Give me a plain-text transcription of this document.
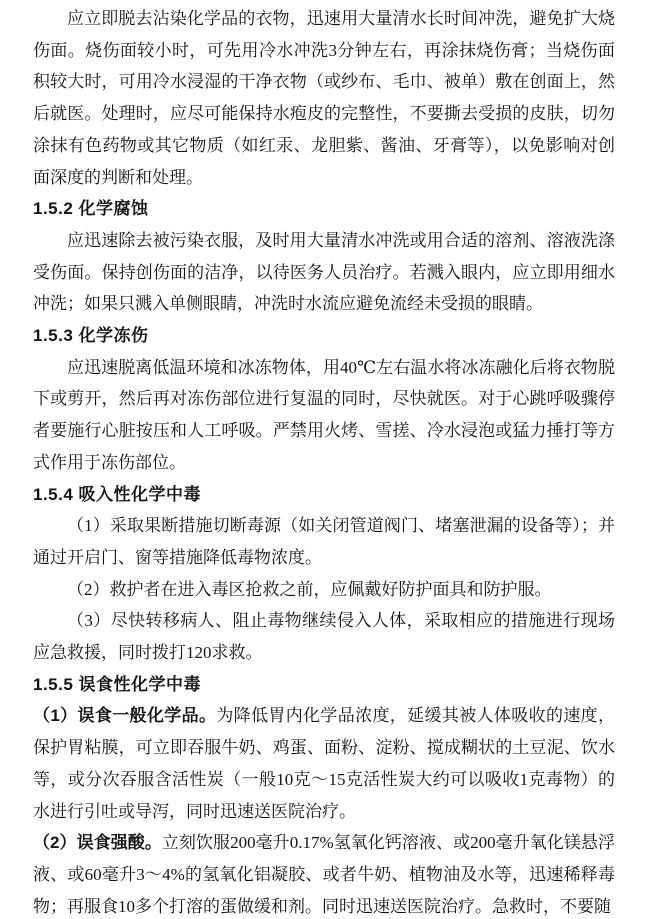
应立即脱去沾染化学品的衣物，迅速用大量清水长时间冲洗，避免扩大烧伤面。烧伤面较小时，可先用冷水冲洗3分钟左右，再涂抹烧伤膏；当烧伤面积较大时，可用冷水浸湿的干净衣物（或纱布、毛巾、被单）敷在创面上，然后就医。处理时，应尽可能保持水疱皮的完整性，不要撕去受损的皮肤，切勿涂抹有色药物或其它物质（如红汞、龙胆紫、酱油、牙膏等），以免影响对创面深度的判断和处理。
1.5.2 化学腐蚀
应迅速除去被污染衣服，及时用大量清水冲洗或用合适的溶剂、溶液洗涤受伤面。保持创伤面的洁净，以待医务人员治疗。若溅入眼内，应立即用细水冲洗；如果只溅入单侧眼睛，冲洗时水流应避免流经未受损的眼睛。
1.5.3 化学冻伤
应迅速脱离低温环境和冰冻物体，用40℃左右温水将冰冻融化后将衣物脱下或剪开，然后再对冻伤部位进行复温的同时，尽快就医。对于心跳呼吸骤停者要施行心脏按压和人工呼吸。严禁用火烤、雪搓、冷水浸泡或猛力捶打等方式作用于冻伤部位。
1.5.4 吸入性化学中毒
（1）采取果断措施切断毒源（如关闭管道阀门、堵塞泄漏的设备等）；并通过开启门、窗等措施降低毒物浓度。
（2）救护者在进入毒区抢救之前，应佩戴好防护面具和防护服。
（3）尽快转移病人、阻止毒物继续侵入人体，采取相应的措施进行现场应急救援，同时拨打120求救。
1.5.5 误食性化学中毒
（1）误食一般化学品。为降低胃内化学品浓度，延缓其被人体吸收的速度，保护胃粘膜，可立即吞服牛奶、鸡蛋、面粉、淀粉、搅成糊状的土豆泥、饮水等，或分次吞服含活性炭（一般10克～15克活性炭大约可以吸收1克毒物）的水进行引吐或导泻，同时迅速送医院治疗。
（2）误食强酸。立刻饮服200毫升0.17%氢氧化钙溶液、或200毫升氧化镁悬浮液、或60毫升3～4%的氢氧化铝凝胶、或者牛奶、植物油及水等，迅速稀释毒物；再服食10多个打溶的蛋做缓和剂。同时迅速送医院治疗。急救时，不要随
